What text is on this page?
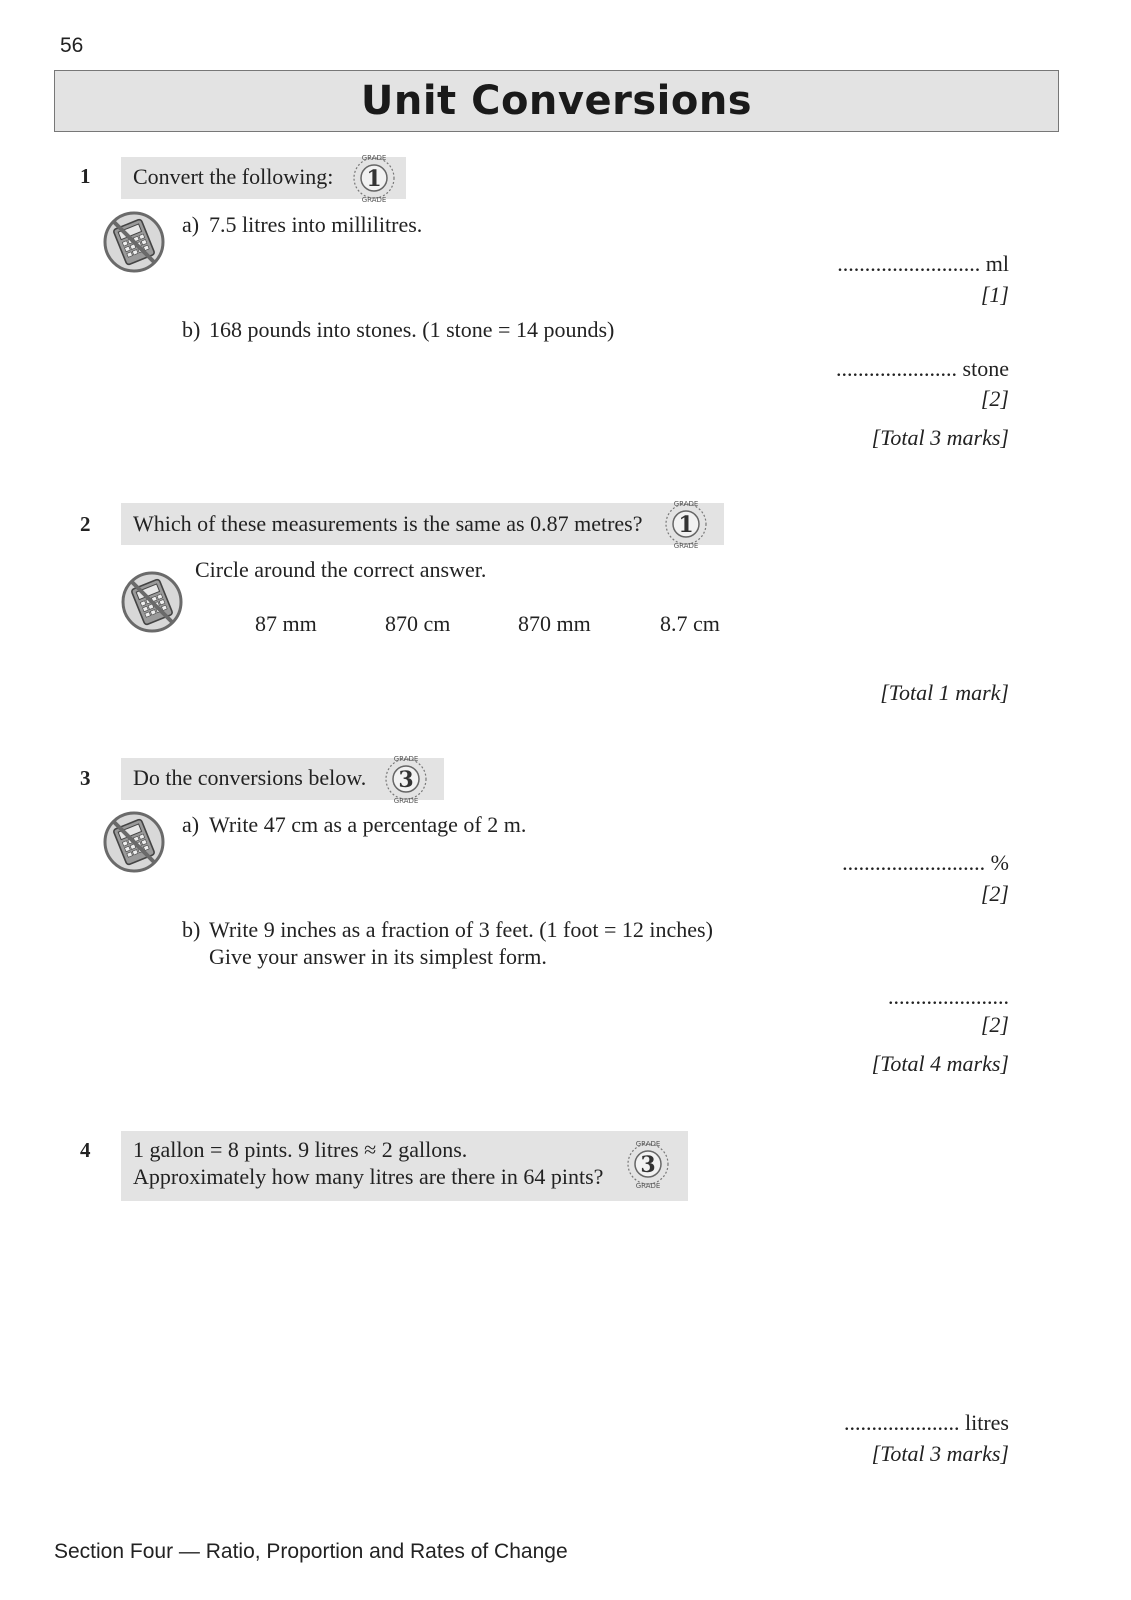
56
Unit Conversions
1 Convert the following: 1
GRADE
GRADE
a) 7.5 litres into millilitres.
.......................... ml
[1]
b) 168 pounds into stones. (1 stone = 14 pounds)
...................... stone
[2]
[Total 3 marks]
2 Which of these measurements is the same as 0.87 metres? 1
GRADE
GRADE
Circle around the correct answer.
87 mm	870 cm	870 mm	8.7 cm
[Total 1 mark]
3 Do the conversions below. 3
GRADE
GRADE
a) Write 47 cm as a percentage of 2 m.
.......................... %
[2]
b) Write 9 inches as a fraction of 3 feet. (1 foot = 12 inches)
Give your answer in its simplest form.
......................
[2]
[Total 4 marks]
4 1 gallon = 8 pints. 9 litres ≈ 2 gallons.
Approximately how many litres are there in 64 pints? 3
GRADE
GRADE
..................... litres
[Total 3 marks]
Section Four — Ratio, Proportion and Rates of Change
